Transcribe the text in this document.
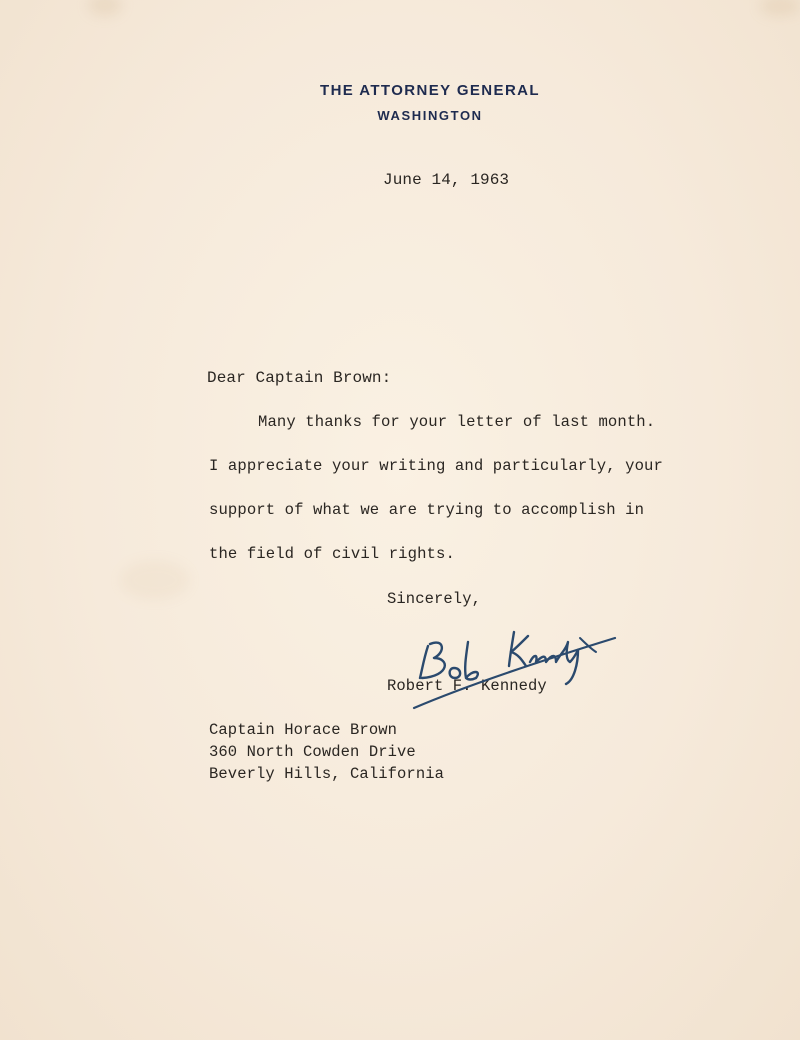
THE ATTORNEY GENERAL
WASHINGTON
June 14, 1963
Dear Captain Brown:
Many thanks for your letter of last month.
I appreciate your writing and particularly, your
support of what we are trying to accomplish in
the field of civil rights.
Sincerely,
Robert F. Kennedy
Captain Horace Brown
360 North Cowden Drive
Beverly Hills, California
